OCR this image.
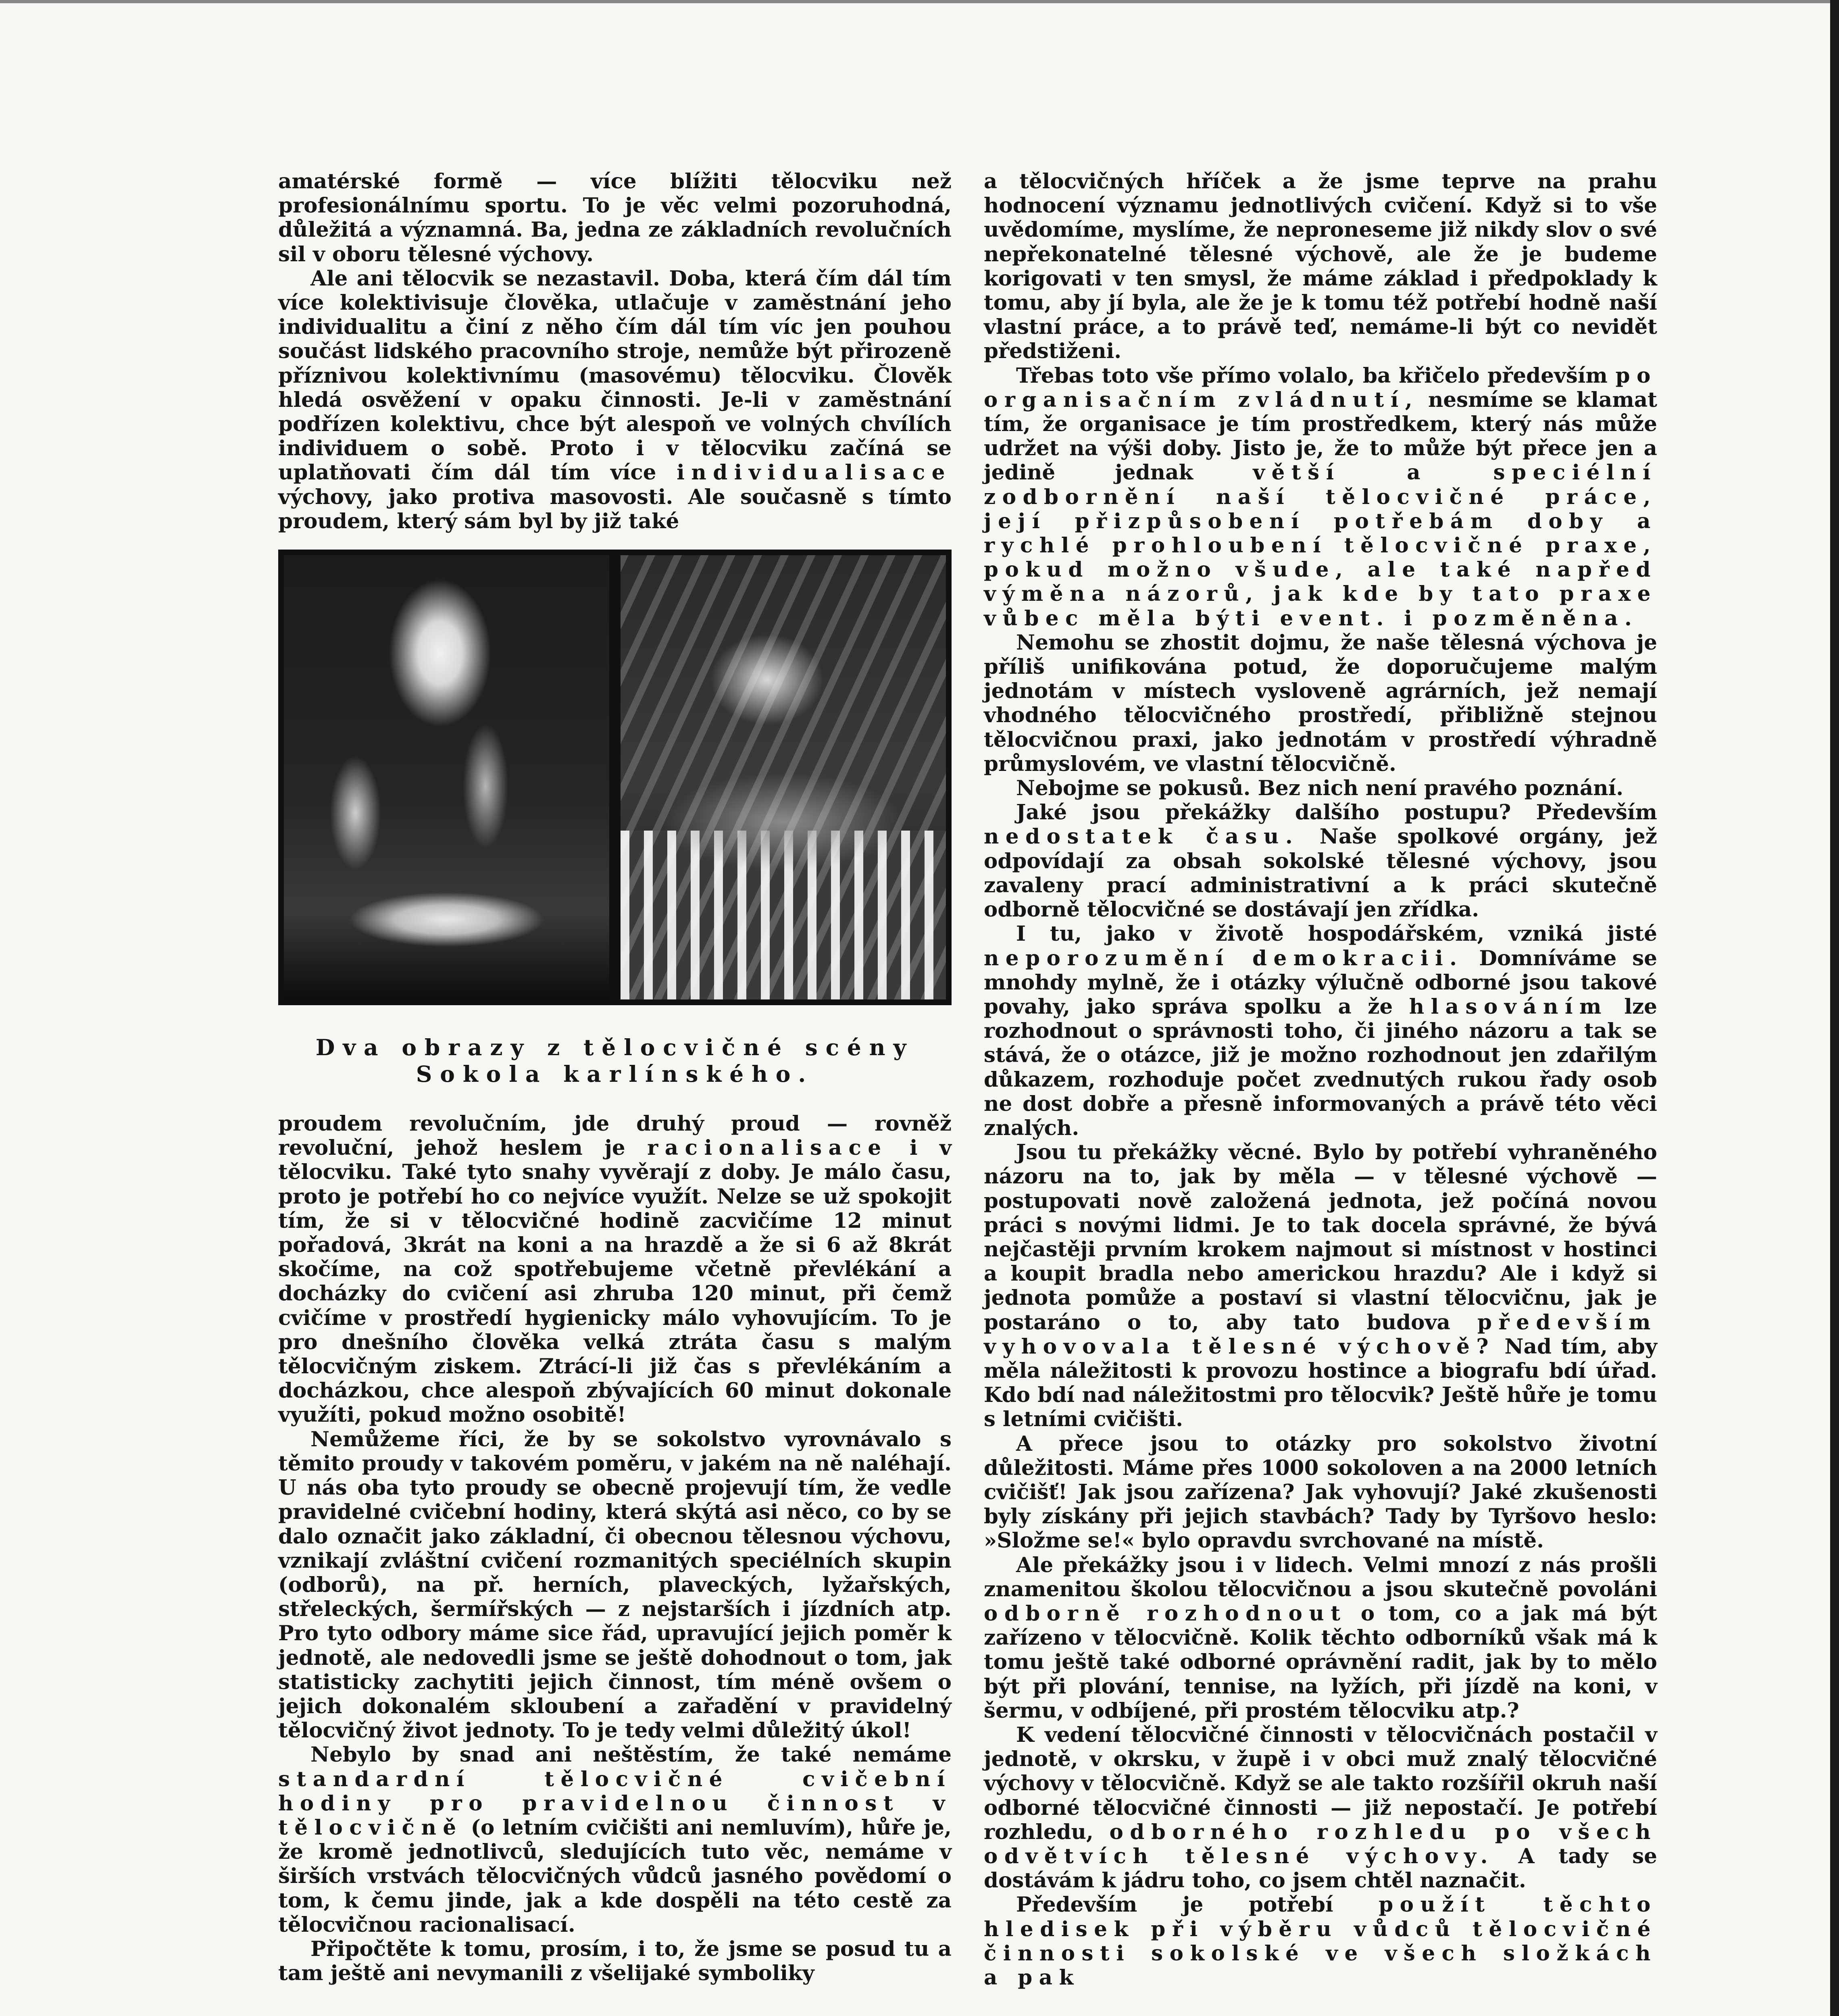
amatérské formě — více blížiti tělocviku než profesionálnímu sportu. To je věc velmi pozoruhodná, důležitá a významná. Ba, jedna ze základních revolučních sil v oboru tělesné výchovy.

Ale ani tělocvik se nezastavil. Doba, která čím dál tím více kolektivisuje člověka, utlačuje v zaměstnání jeho individualitu a činí z něho čím dál tím víc jen pouhou součást lidského pracovního stroje, nemůže být přirozeně příznivou kolektivnímu (masovému) tělocviku. Člověk hledá osvěžení v opaku činnosti. Je-li v zaměstnání podřízen kolektivu, chce být alespoň ve volných chvílích individuem o sobě. Proto i v tělocviku začíná se uplatňovati čím dál tím více individualisace výchovy, jako protiva masovosti. Ale současně s tímto proudem, který sám byl by již také

Dva obrazy z tělocvičné scény Sokola karlínského.

proudem revolučním, jde druhý proud — rovněž revoluční, jehož heslem je racionalisace i v tělocviku. Také tyto snahy vyvěrají z doby. Je málo času, proto je potřebí ho co nejvíce využít. Nelze se už spokojit tím, že si v tělocvičné hodině zacvičíme 12 minut pořadová, 3krát na koni a na hrazdě a že si 6 až 8krát skočíme, na což spotřebujeme včetně převlékání a docházky do cvičení asi zhruba 120 minut, při čemž cvičíme v prostředí hygienicky málo vyhovujícím. To je pro dnešního člověka velká ztráta času s malým tělocvičným ziskem. Ztrácí-li již čas s převlékáním a docházkou, chce alespoň zbývajících 60 minut dokonale využíti, pokud možno osobitě!

Nemůžeme říci, že by se sokolstvo vyrovnávalo s těmito proudy v takovém poměru, v jakém na ně naléhají. U nás oba tyto proudy se obecně projevují tím, že vedle pravidelné cvičební hodiny, která skýtá asi něco, co by se dalo označit jako základní, či obecnou tělesnou výchovu, vznikají zvláštní cvičení rozmanitých speciélních skupin (odborů), na př. herních, plaveckých, lyžařských, střeleckých, šermířských — z nejstarších i jízdních atp. Pro tyto odbory máme sice řád, upravující jejich poměr k jednotě, ale nedovedli jsme se ještě dohodnout o tom, jak statisticky zachytiti jejich činnost, tím méně ovšem o jejich dokonalém skloubení a zařadění v pravidelný tělocvičný život jednoty. To je tedy velmi důležitý úkol!

Nebylo by snad ani neštěstím, že také nemáme standardní tělocvičné cvičební hodiny pro pravidelnou činnost v tělocvičně (o letním cvičišti ani nemluvím), hůře je, že kromě jednotlivců, sledujících tuto věc, nemáme v širších vrstvách tělocvičných vůdců jasného povědomí o tom, k čemu jinde, jak a kde dospěli na této cestě za tělocvičnou racionalisací.

Připočtěte k tomu, prosím, i to, že jsme se posud tu a tam ještě ani nevymanili z všelijaké symboliky

a tělocvičných hříček a že jsme teprve na prahu hodnocení významu jednotlivých cvičení. Když si to vše uvědomíme, myslíme, že neproneseme již nikdy slov o své nepřekonatelné tělesné výchově, ale že je budeme korigovati v ten smysl, že máme základ i předpoklady k tomu, aby jí byla, ale že je k tomu též potřebí hodně naší vlastní práce, a to právě teď, nemáme-li být co nevidět předstiženi.

Třebas toto vše přímo volalo, ba křičelo především po organisačním zvládnutí, nesmíme se klamat tím, že organisace je tím prostředkem, který nás může udržet na výši doby. Jisto je, že to může být přece jen a jedině jednak	větší a speciélní zodbornění naší tělocvičné práce, její přizpůsobení potřebám doby a rychlé prohloubení tělocvičné praxe, pokud možno všude, ale také napřed výměna názorů, jak kde by tato praxe vůbec měla býti event. i pozměněna.

Nemohu se zhostit dojmu, že naše tělesná výchova je příliš unifikována potud, že doporučujeme malým jednotám v místech vysloveně agrárních, jež nemají vhodného tělocvičného prostředí, přibližně stejnou tělocvičnou praxi, jako jednotám v prostředí výhradně průmyslovém, ve vlastní tělocvičně.

Nebojme se pokusů. Bez nich není pravého poznání.

Jaké jsou překážky dalšího postupu? Především nedostatek času. Naše spolkové orgány, jež odpovídají za obsah sokolské tělesné výchovy, jsou zavaleny prací administrativní a k práci skutečně odborně tělocvičné se dostávají jen zřídka.

I tu, jako v životě hospodářském, vzniká jisté neporozumění demokracii. Domníváme se mnohdy mylně, že i otázky výlučně odborné jsou takové povahy, jako správa spolku a že hlasováním lze rozhodnout o správnosti toho, či jiného názoru a tak se stává, že o otázce, již je možno rozhodnout jen zdařilým důkazem, rozhoduje počet zvednutých rukou řady osob ne dost dobře a přesně informovaných a právě této věci znalých.

Jsou tu překážky věcné. Bylo by potřebí vyhraněného názoru na to, jak by měla — v tělesné výchově — postupovati nově založená jednota, jež počíná novou práci s novými lidmi. Je to tak docela správné, že bývá nejčastěji prvním krokem najmout si místnost v hostinci a koupit bradla nebo americkou hrazdu? Ale i když si jednota pomůže a postaví si vlastní tělocvičnu, jak je postaráno o to, aby tato budova především vyhovovala tělesné výchově? Nad tím, aby měla náležitosti k provozu hostince a biografu bdí úřad. Kdo bdí nad náležitostmi pro tělocvik? Ještě hůře je tomu s letními cvičišti.

A přece jsou to otázky pro sokolstvo životní důležitosti. Máme přes 1000 sokoloven a na 2000 letních cvičišť! Jak jsou zařízena? Jak vyhovují? Jaké zkušenosti byly získány při jejich stavbách? Tady by Tyršovo heslo: »Složme se!« bylo opravdu svrchované na místě.

Ale překážky jsou i v lidech. Velmi mnozí z nás prošli znamenitou školou tělocvičnou a jsou skutečně povoláni odborně rozhodnout o tom, co a jak má být zařízeno v tělocvičně. Kolik těchto odborníků však má k tomu ještě také odborné oprávnění radit, jak by to mělo být při plování, tennise, na lyžích, při jízdě na koni, v šermu, v odbíjené, při prostém tělocviku atp.?

K vedení tělocvičné činnosti v tělocvičnách postačil v jednotě, v okrsku, v župě i v obci muž znalý tělocvičné výchovy v tělocvičně. Když se ale takto rozšířil okruh naší odborné tělocvičné činnosti — již nepostačí. Je potřebí rozhledu, odborného rozhledu po všech odvětvích tělesné výchovy. A tady se dostávám k jádru toho, co jsem chtěl naznačit.

Především je potřebí použít těchto hledisek při výběru vůdců tělocvičné činnosti sokolské ve všech složkách a pak
